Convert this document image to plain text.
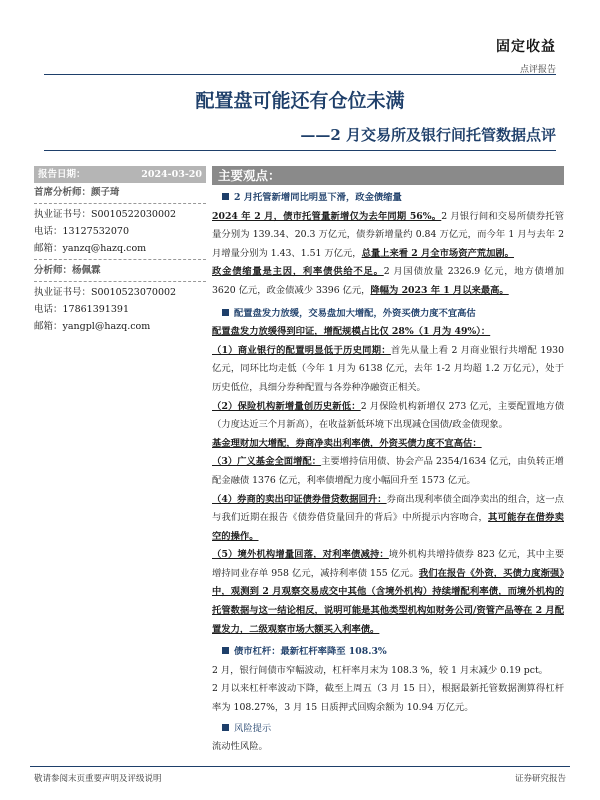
固定收益
点评报告
配置盘可能还有仓位未满
——2 月交易所及银行间托管数据点评
报告日期：	2024-03-20
首席分析师：颜子琦
执业证书号：S0010522030002
电话：13127532070
邮箱：yanzq@hazq.com
分析师：杨佩霖
执业证书号：S0010523070002
电话：17861391391
邮箱：yangpl@hazq.com
主要观点：
2 月托管新增同比明显下滑，政金债缩量

2024 年 2 月，债市托管量新增仅为去年同期 56%。2 月银行间和交易所债券托管量分别为 139.34、20.3 万亿元，债券新增量约 0.84 万亿元，而今年 1 月与去年 2 月增量分别为 1.43、1.51 万亿元，总量上来看 2 月全市场资产荒加剧。

政金债缩量是主因，利率债供给不足。2 月国债放量 2326.9 亿元，地方债增加 3620 亿元，政金债减少 3396 亿元，降幅为 2023 年 1 月以来最高。

配置盘发力放缓，交易盘加大增配，外资买债力度不宜高估

配置盘发力放缓得到印证，增配规模占比仅 28%（1 月为 49%）：

（1）商业银行的配置明显低于历史同期：首先从量上看 2 月商业银行共增配 1930 亿元，同环比均走低（今年 1 月为 6138 亿元，去年 1-2 月均超 1.2 万亿元），处于历史低位，具细分券种配置与各券种净融资正相关。

（2）保险机构新增量创历史新低：2 月保险机构新增仅 273 亿元，主要配置地方债（力度达近三个月新高），在收益新低环境下出现减仓国债/政金债现象。

基金理财加大增配，券商净卖出利率债，外资买债力度不宜高估：

（3）广义基金全面增配：主要增持信用债、协会产品 2354/1634 亿元，由负转正增配金融债 1376 亿元，利率债增配力度小幅回升至 1573 亿元。

（4）券商的卖出印证债券借贷数据回升：券商出现利率债全面净卖出的组合，这一点与我们近期在报告《债券借贷量回升的背后》中所提示内容吻合，其可能存在借券卖空的操作。

（5）境外机构增量回落，对利率债减持：境外机构共增持债券 823 亿元，其中主要增持同业存单 958 亿元，减持利率债 155 亿元。我们在报告《外资，买债力度渐强》中，观测到 2 月观察交易成交中其他（含境外机构）持续增配利率债，而境外机构的托管数据与这一结论相反，说明可能是其他类型机构如财务公司/资管产品等在 2 月配置发力，二级观察市场大额买入利率债。

债市杠杆：最新杠杆率降至 108.3%

2 月，银行间债市窄幅波动，杠杆率月末为 108.3 %，较 1 月末减少 0.19 pct。

2 月以来杠杆率波动下降，截至上周五（3 月 15 日），根据最新托管数据测算得杠杆率为 108.27%，3 月 15 日质押式回购余额为 10.94 万亿元。

风险提示

流动性风险。

敬请参阅末页重要声明及评级说明	证券研究报告
